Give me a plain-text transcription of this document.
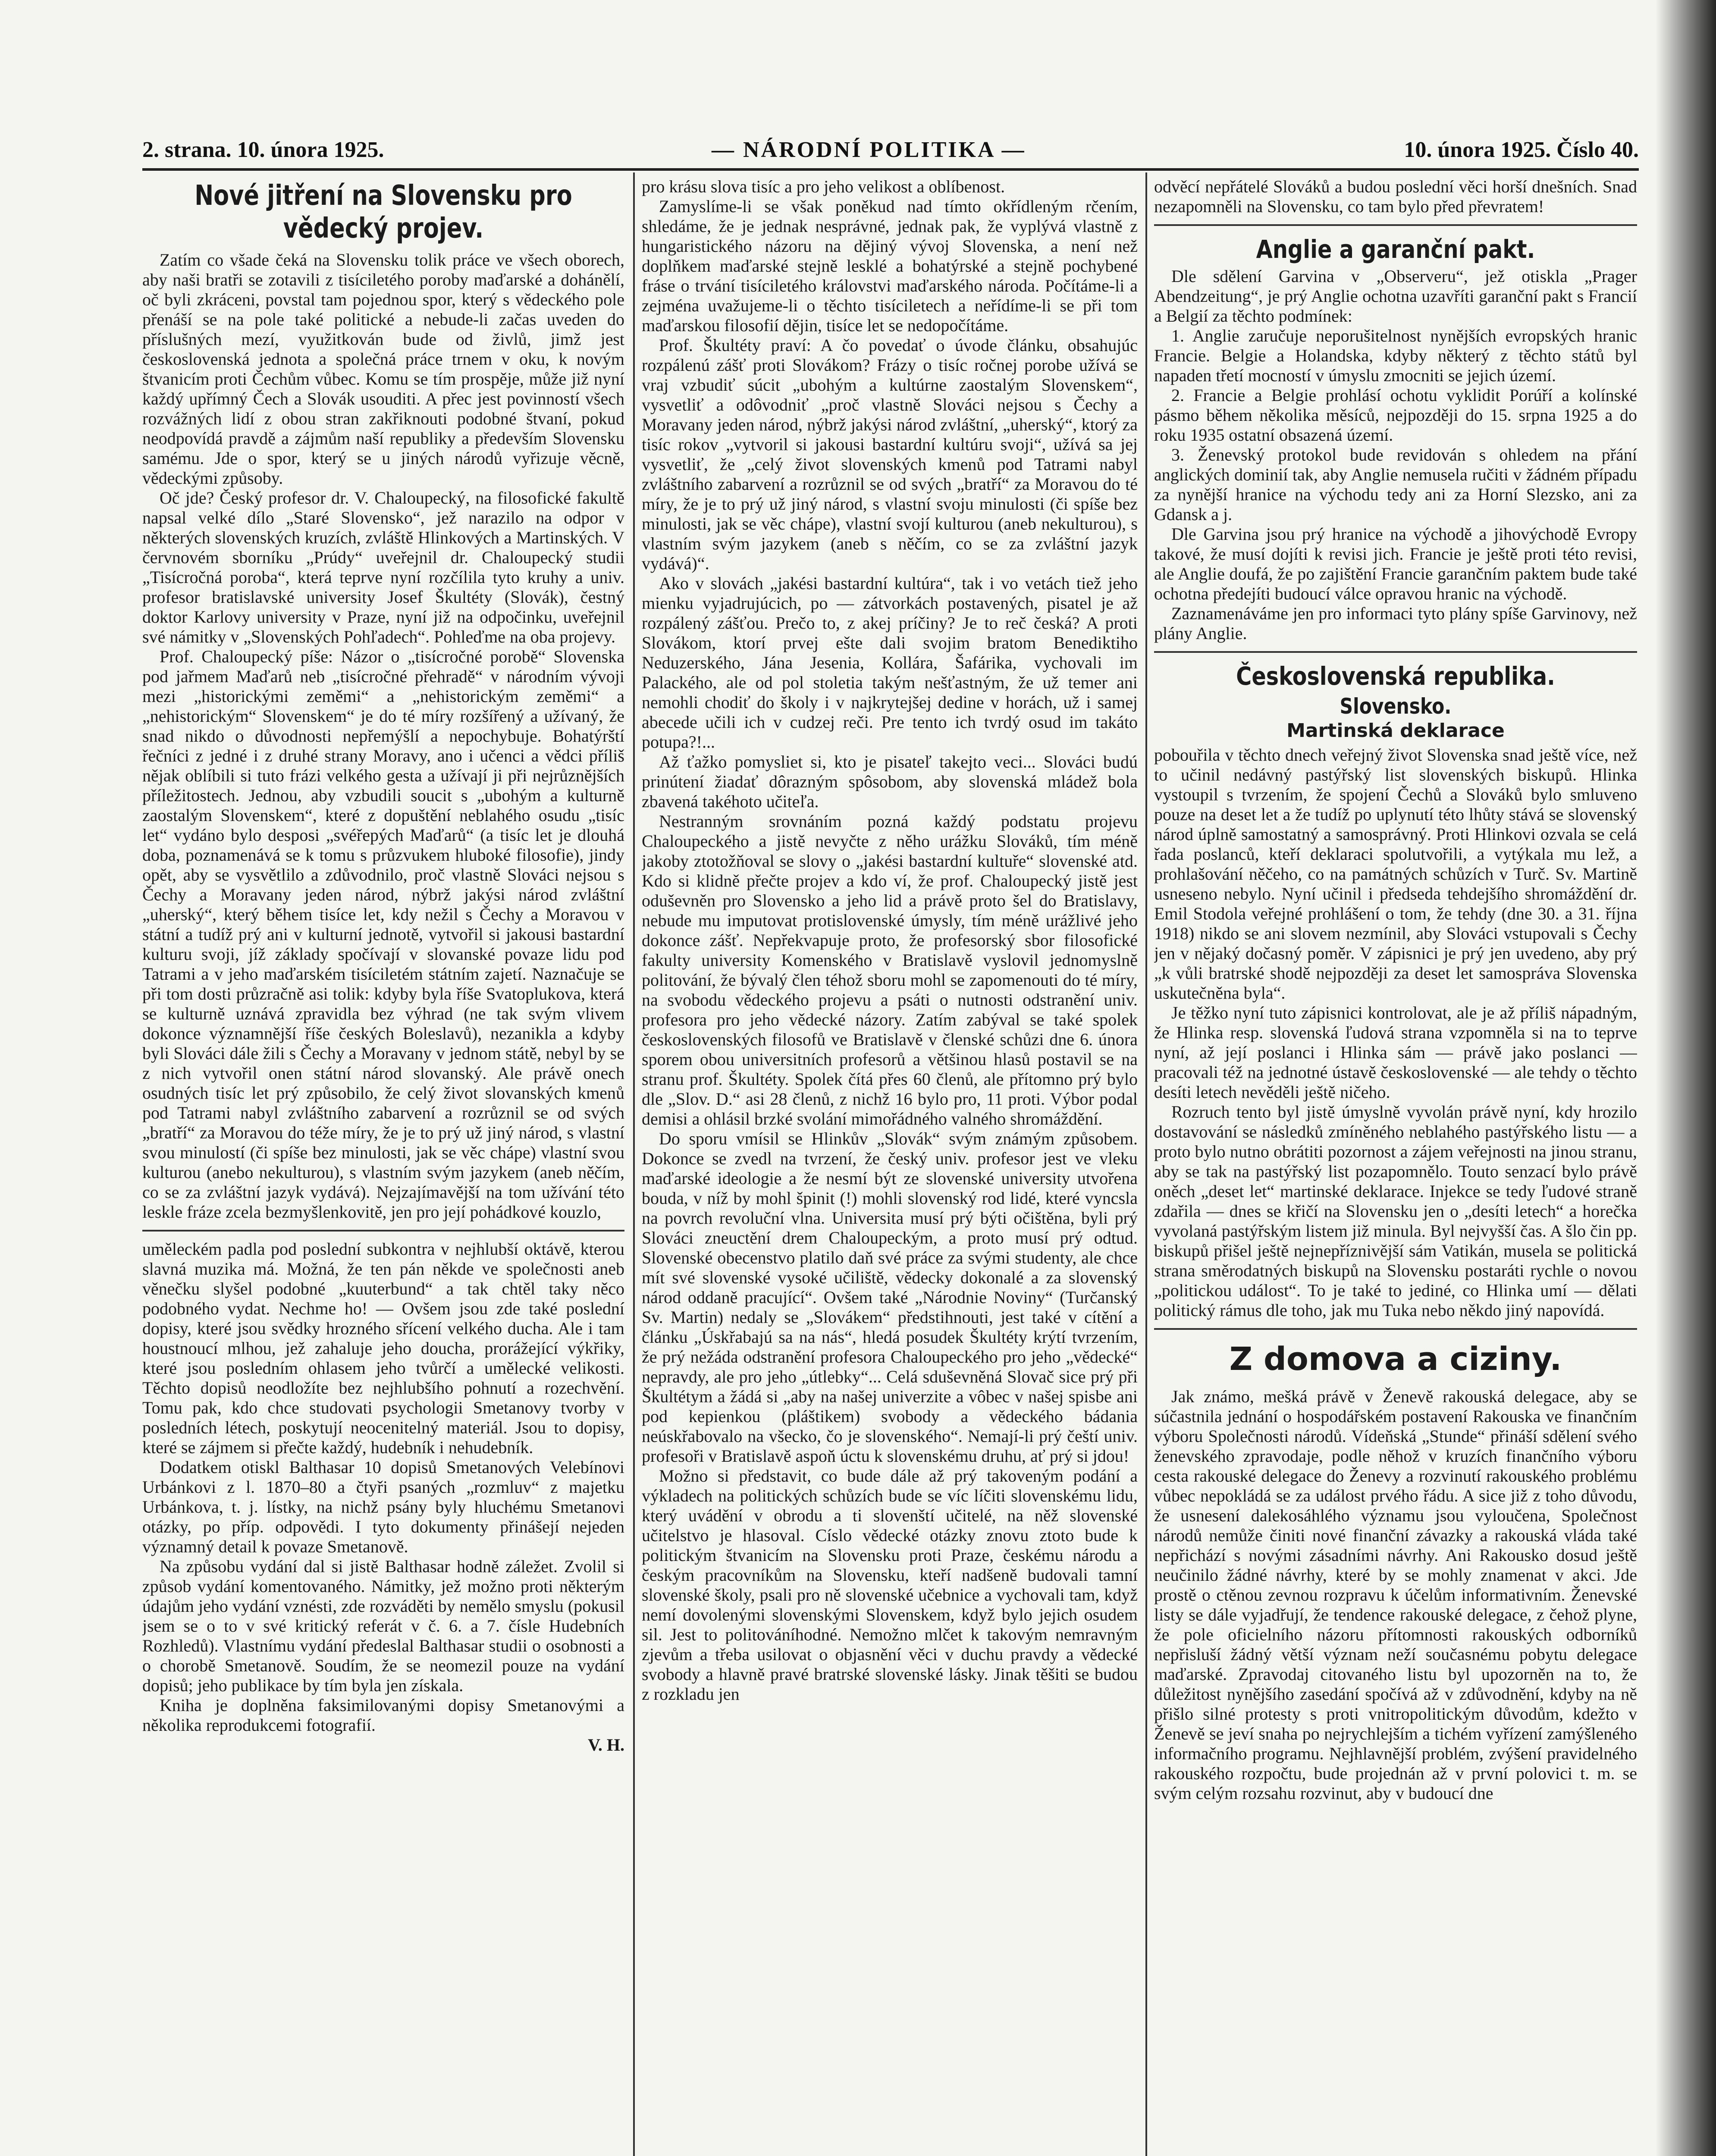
2. strana. 10. února 1925.	— NÁRODNÍ POLITIKA —	10. února 1925. Číslo 40.
Nové jitření na Slovensku pro vědecký projev.

Zatím co všade čeká na Slovensku tolik práce ve všech oborech, aby naši bratři se zotavili z tisíciletého poroby maďarské a dohánělí, oč byli zkráceni, povstal tam pojednou spor, který s vědeckého pole přenáší se na pole také politické a nebude-li začas uveden do příslušných mezí, využitkován bude od živlů, jimž jest československá jednota a společná práce trnem v oku, k novým štvanicím proti Čechům vůbec. Komu se tím prospěje, může již nyní každý upřímný Čech a Slovák usouditi. A přec jest povinností všech rozvážných lidí z obou stran zakřiknouti podobné štvaní, pokud neodpovídá pravdě a zájmům naší republiky a především Slovensku samému. Jde o spor, který se u jiných národů vyřizuje věcně, vědeckými způsoby.

Oč jde? Český profesor dr. V. Chaloupecký, na filosofické fakultě napsal velké dílo „Staré Slovensko“, jež narazilo na odpor v některých slovenských kruzích, zvláště Hlinkových a Martinských. V červnovém sborníku „Prúdy“ uveřejnil dr. Chaloupecký studii „Tisícročná poroba“, která teprve nyní rozčílila tyto kruhy a univ. profesor bratislavské university Josef Škultéty (Slovák), čestný doktor Karlovy university v Praze, nyní již na odpočinku, uveřejnil své námitky v „Slovenských Pohľadech“. Pohleďme na oba projevy.

Prof. Chaloupecký píše: Názor o „tisícročné porobě“ Slovenska pod jařmem Maďarů neb „tisícročné přehradě“ v národním vývoji mezi „historickými zeměmi“ a „nehistorickým zeměmi“ a „nehistorickým“ Slovenskem“ je do té míry rozšířený a užívaný, že snad nikdo o důvodnosti nepřemýšlí a nepochybuje. Bohatýrští řečníci z jedné i z druhé strany Moravy, ano i učenci a vědci příliš nějak oblíbili si tuto frázi velkého gesta a užívají ji při nejrůznějších příležitostech. Jednou, aby vzbudili soucit s „ubohým a kulturně zaostalým Slovenskem“, které z dopuštění neblahého osudu „tisíc let“ vydáno bylo desposi „svéřepých Maďarů“ (a tisíc let je dlouhá doba, poznamenává se k tomu s průzvukem hluboké filosofie), jindy opět, aby se vysvětlilo a zdůvodnilo, proč vlastně Slováci nejsou s Čechy a Moravany jeden národ, nýbrž jakýsi národ zvláštní „uherský“, který během tisíce let, kdy nežil s Čechy a Moravou v státní a tudíž prý ani v kulturní jednotě, vytvořil si jakousi bastardní kulturu svoji, jíž základy spočívají v slovanské povaze lidu pod Tatrami a v jeho maďarském tisíciletém státním zajetí. Naznačuje se při tom dosti průzračně asi tolik: kdyby byla říše Svatoplukova, která se kulturně uznává zpravidla bez výhrad (ne tak svým vlivem dokonce významnější říše českých Boleslavů), nezanikla a kdyby byli Slováci dále žili s Čechy a Moravany v jednom státě, nebyl by se z nich vytvořil onen státní národ slovanský. Ale právě onech osudných tisíc let prý způsobilo, že celý život slovanských kmenů pod Tatrami nabyl zvláštního zabarvení a rozrůznil se od svých „bratří“ za Moravou do téže míry, že je to prý už jiný národ, s vlastní svou minulostí (či spíše bez minulosti, jak se věc chápe) vlastní svou kulturou (anebo nekulturou), s vlastním svým jazykem (aneb něčím, co se za zvláštní jazyk vydává). Nejzajímavější na tom užívání této leskle fráze zcela bezmyšlenkovitě, jen pro její pohádkové kouzlo,

uměleckém padla pod poslední subkontra v nejhlubší oktávě, kterou slavná muzika má. Možná, že ten pán někde ve společnosti aneb věnečku slyšel podobné „kuuterbund“ a tak chtěl taky něco podobného vydat. Nechme ho! — Ovšem jsou zde také poslední dopisy, které jsou svědky hrozného sřícení velkého ducha. Ale i tam houstnoucí mlhou, jež zahaluje jeho doucha, prorážející výkřiky, které jsou posledním ohlasem jeho tvůrčí a umělecké velikosti. Těchto dopisů neodložíte bez nejhlubšího pohnutí a rozechvění. Tomu pak, kdo chce studovati psychologii Smetanovy tvorby v posledních létech, poskytují neocenitelný materiál. Jsou to dopisy, které se zájmem si přečte každý, hudebník i nehudebník.

Dodatkem otiskl Balthasar 10 dopisů Smetanových Velebínovi Urbánkovi z l. 1870–80 a čtyři psaných „rozmluv“ z majetku Urbánkova, t. j. lístky, na nichž psány byly hluchému Smetanovi otázky, po příp. odpovědi. I tyto dokumenty přinášejí nejeden významný detail k povaze Smetanově.

Na způsobu vydání dal si jistě Balthasar hodně záležet. Zvolil si způsob vydání komentovaného. Námitky, jež možno proti některým údajům jeho vydání vznésti, zde rozváděti by nemělo smyslu (pokusil jsem se o to v své kritický referát v č. 6. a 7. čísle Hudebních Rozhledů). Vlastnímu vydání předeslal Balthasar studii o osobnosti a o chorobě Smetanově. Soudím, že se neomezil pouze na vydání dopisů; jeho publikace by tím byla jen získala.

Kniha je doplněna faksimilovanými dopisy Smetanovými a několika reprodukcemi fotografií.

V. H.

pro krásu slova tisíc a pro jeho velikost a oblíbenost.

Zamyslíme-li se však poněkud nad tímto okřídleným rčením, shledáme, že je jednak nesprávné, jednak pak, že vyplývá vlastně z hungaristického názoru na dějiný vývoj Slovenska, a není než doplňkem maďarské stejně lesklé a bohatýrské a stejně pochybené fráse o trvání tisíciletého královstvi maďarského národa. Počítáme-li a zejména uvažujeme-li o těchto tisíciletech a neřídíme-li se při tom maďarskou filosofií dějin, tisíce let se nedopočítáme.

Prof. Škultéty praví: A čo povedať o úvode článku, obsahujúc rozpálenú zášť proti Slovákom? Frázy o tisíc ročnej porobe užívá se vraj vzbudiť súcit „ubohým a kultúrne zaostalým Slovenskem“, vysvetliť a odôvodniť „proč vlastně Slováci nejsou s Čechy a Moravany jeden národ, nýbrž jakýsi národ zvláštní, „uherský“, ktorý za tisíc rokov „vytvoril si jakousi bastardní kultúru svoji“, užívá sa jej vysvetliť, že „celý život slovenských kmenů pod Tatrami nabyl zvláštního zabarvení a rozrůznil se od svých „bratří“ za Moravou do té míry, že je to prý už jiný národ, s vlastní svoju minulosti (či spíše bez minulosti, jak se věc chápe), vlastní svojí kulturou (aneb nekulturou), s vlastním svým jazykem (aneb s něčím, co se za zvláštní jazyk vydává)“.

Ako v slovách „jakési bastardní kultúra“, tak i vo vetách tiež jeho mienku vyjadrujúcich, po — zátvorkách postavených, pisatel je až rozpálený zášťou. Prečo to, z akej príčiny? Je to reč česká? A proti Slovákom, ktorí prvej ešte dali svojim bratom Benediktiho Neduzerského, Jána Jesenia, Kollára, Šafárika, vychovali im Palackého, ale od pol stoletia takým nešťastným, že už temer ani nemohli chodiť do školy i v najkrytejšej dedine v horách, už i samej abecede učili ich v cudzej reči. Pre tento ich tvrdý osud im takáto potupa?!...

Až ťažko pomysliet si, kto je pisateľ takejto veci... Slováci budú prinútení žiadať dôrazným spôsobom, aby slovenská mládež bola zbavená takéhoto učiteľa.

Nestranným srovnáním pozná každý podstatu projevu Chaloupeckého a jistě nevyčte z něho urážku Slováků, tím méně jakoby ztotožňoval se slovy o „jakési bastardní kultuře“ slovenské atd. Kdo si klidně přečte projev a kdo ví, že prof. Chaloupecký jistě jest oduševněn pro Slovensko a jeho lid a právě proto šel do Bratislavy, nebude mu imputovat protislovenské úmysly, tím méně urážlivé jeho dokonce zášť. Nepřekvapuje proto, že profesorský sbor filosofické fakulty university Komenského v Bratislavě vyslovil jednomyslně politování, že bývalý člen téhož sboru mohl se zapomenouti do té míry, na svobodu vědeckého projevu a psáti o nutnosti odstranění univ. profesora pro jeho vědecké názory. Zatím zabýval se také spolek československých filosofů ve Bratislavě v členské schůzi dne 6. února sporem obou universitních profesorů a většinou hlasů postavil se na stranu prof. Škultéty. Spolek čítá přes 60 členů, ale přítomno prý bylo dle „Slov. D.“ asi 28 členů, z nichž 16 bylo pro, 11 proti. Výbor podal demisi a ohlásil brzké svolání mimořádného valného shromáždění.

Do sporu vmísil se Hlinkův „Slovák“ svým známým způsobem. Dokonce se zvedl na tvrzení, že český univ. profesor jest ve vleku maďarské ideologie a že nesmí být ze slovenské university utvořena bouda, v níž by mohl špinit (!) mohli slovenský rod lidé, které vyncsla na povrch revoluční vlna. Universita musí prý býti očištěna, byli prý Slováci zneuctění drem Chaloupeckým, a proto musí prý odtud. Slovenské obecenstvo platilo daň své práce za svými studenty, ale chce mít své slovenské vysoké učiliště, vědecky dokonalé a za slovenský národ oddaně pracující“. Ovšem také „Národnie Noviny“ (Turčanský Sv. Martin) nedaly se „Slovákem“ předstihnouti, jest také v cítění a článku „Úskřabajú sa na nás“, hledá posudek Škultéty krýtí tvrzením, že prý nežáda odstranění profesora Chaloupeckého pro jeho „vědecké“ nepravdy, ale pro jeho „útlebky“... Celá sduševněná Slovač sice prý při Škultétym a žádá si „aby na našej univerzite a vôbec v našej spisbe ani pod kepienkou (pláštikem) svobody a vědeckého bádania neúskřabovalo na všecko, čo je slovenského“. Nemají-li prý čeští univ. profesoři v Bratislavě aspoň úctu k slovenskému druhu, ať prý si jdou!

Možno si představit, co bude dále až prý takoveným podání a výkladech na politických schůzích bude se víc líčiti slovenskému lidu, který uvádění v obrodu a ti slovenští učitelé, na něž slovenské učitelstvo je hlasoval. Císlo vědecké otázky znovu ztoto bude k politickým štvanicím na Slovensku proti Praze, českému národu a českým pracovníkům na Slovensku, kteří nadšeně budovali tamní slovenské školy, psali pro ně slovenské učebnice a vychovali tam, když nemí dovolenými slovenskými Slovenskem, když bylo jejich osudem sil. Jest to politováníhodné. Nemožno mlčet k takovým nemravným zjevům a třeba usilovat o objasnění věci v duchu pravdy a vědecké svobody a hlavně pravé bratrské slovenské lásky. Jinak těšiti se budou z rozkladu jen

odvěcí nepřátelé Slováků a budou poslední věci horší dnešních. Snad nezapomněli na Slovensku, co tam bylo před převratem!

Anglie a garanční pakt.

Dle sdělení Garvina v „Observeru“, jež otiskla „Prager Abendzeitung“, je prý Anglie ochotna uzavříti garanční pakt s Francií a Belgií za těchto podmínek:

1. Anglie zaručuje neporušitelnost nynějších evropských hranic Francie. Belgie a Holandska, kdyby některý z těchto států byl napaden třetí mocností v úmyslu zmocniti se jejich území.

2. Francie a Belgie prohlásí ochotu vyklidit Porúří a kolínské pásmo během několika měsíců, nejpozději do 15. srpna 1925 a do roku 1935 ostatní obsazená území.

3. Ženevský protokol bude revidován s ohledem na přání anglických dominií tak, aby Anglie nemusela ručiti v žádném případu za nynější hranice na východu tedy ani za Horní Slezsko, ani za Gdansk a j.

Dle Garvina jsou prý hranice na východě a jihovýchodě Evropy takové, že musí dojíti k revisi jich. Francie je ještě proti této revisi, ale Anglie doufá, že po zajištění Francie garančním paktem bude také ochotna předejíti budoucí válce opravou hranic na východě.

Zaznamenáváme jen pro informaci tyto plány spíše Garvinovy, než plány Anglie.

Československá republika.
Slovensko.
Martinská deklarace

pobouřila v těchto dnech veřejný život Slovenska snad ještě více, než to učinil nedávný pastýřský list slovenských biskupů. Hlinka vystoupil s tvrzením, že spojení Čechů a Slováků bylo smluveno pouze na deset let a že tudíž po uplynutí této lhůty stává se slovenský národ úplně samostatný a samosprávný. Proti Hlinkovi ozvala se celá řada poslanců, kteří deklaraci spolutvořili, a vytýkala mu lež, a prohlašování něčeho, co na památných schůzích v Turč. Sv. Martině usneseno nebylo. Nyní učinil i předseda tehdejšího shromáždění dr. Emil Stodola veřejné prohlášení o tom, že tehdy (dne 30. a 31. října 1918) nikdo se ani slovem nezmínil, aby Slováci vstupovali s Čechy jen v nějaký dočasný poměr. V zápisnici je prý jen uvedeno, aby prý „k vůli bratrské shodě nejpozději za deset let samospráva Slovenska uskutečněna byla“.

Je těžko nyní tuto zápisnici kontrolovat, ale je až příliš nápadným, že Hlinka resp. slovenská ľudová strana vzpomněla si na to teprve nyní, až její poslanci i Hlinka sám — právě jako poslanci — pracovali též na jednotné ústavě československé — ale tehdy o těchto desíti letech nevěděli ještě ničeho.

Rozruch tento byl jistě úmyslně vyvolán právě nyní, kdy hrozilo dostavování se následků zmíněného neblahého pastýřského listu — a proto bylo nutno obrátiti pozornost a zájem veřejnosti na jinou stranu, aby se tak na pastýřský list pozapomnělo. Touto senzací bylo právě oněch „deset let“ martinské deklarace. Injekce se tedy ľudové straně zdařila — dnes se křičí na Slovensku jen o „desíti letech“ a horečka vyvolaná pastýřským listem již minula. Byl nejvyšší čas. A šlo čin pp. biskupů přišel ještě nejnepříznivější sám Vatikán, musela se politická strana směrodatných biskupů na Slovensku postaráti rychle o novou „politickou událost“. To je také to jediné, co Hlinka umí — dělati politický rámus dle toho, jak mu Tuka nebo někdo jiný napovídá.

Z domova a ciziny.

Jak známo, mešká právě v Ženevě rakouská delegace, aby se súčastnila jednání o hospodářském postavení Rakouska ve finančním výboru Společnosti národů. Vídeňská „Stunde“ přináší sdělení svého ženevského zpravodaje, podle něhož v kruzích finančního výboru cesta rakouské delegace do Ženevy a rozvinutí rakouského problému vůbec nepokládá se za událost prvého řádu. A sice již z toho důvodu, že usnesení dalekosáhlého významu jsou vyloučena, Společnost národů nemůže činiti nové finanční závazky a rakouská vláda také nepřichází s novými zásadními návrhy. Ani Rakousko dosud ještě neučinilo žádné návrhy, které by se mohly znamenat v akci. Jde prostě o ctěnou zevnou rozpravu k účelům informativním. Ženevské listy se dále vyjadřují, že tendence rakouské delegace, z čehož plyne, že pole oficielního názoru přítomnosti rakouských odborníků nepřisluší žádný větší význam neží současnému pobytu delegace maďarské. Zpravodaj citovaného listu byl upozorněn na to, že důležitost nynějšího zasedání spočívá až v zdůvodnění, kdyby na ně přišlo silné protesty s proti vnitropolitickým důvodům, kdežto v Ženevě se jeví snaha po nejrychlejším a tichém vyřízení zamýšleného informačního programu. Nejhlavnější problém, zvýšení pravidelného rakouského rozpočtu, bude projednán až v první polovici t. m. se svým celým rozsahu rozvinut, aby v budoucí dne
